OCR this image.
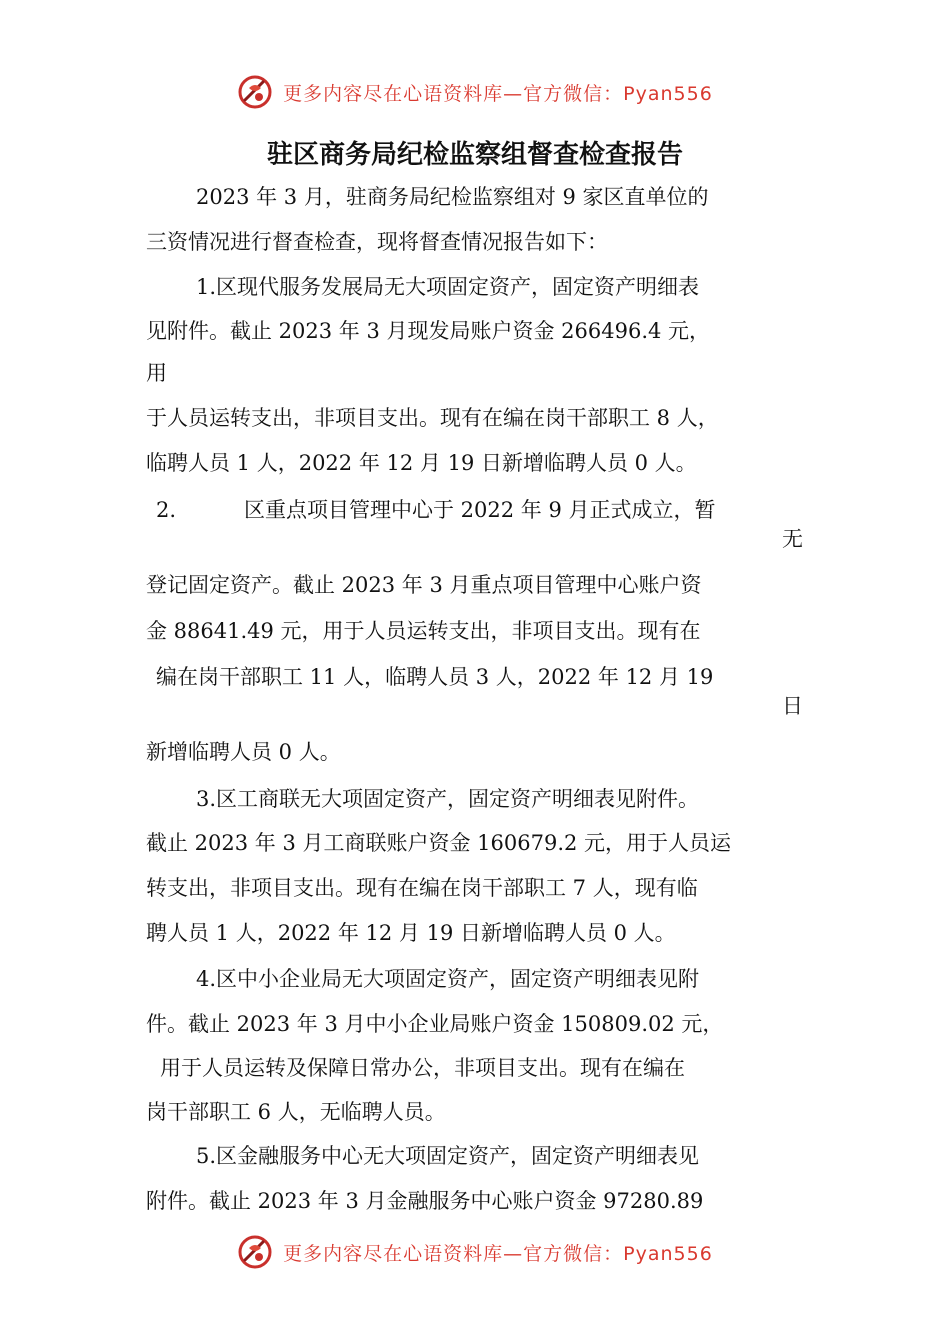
更多内容尽在心语资料库—官方微信：Pyan556
驻区商务局纪检监察组督查检查报告
2023 年 3 月，驻商务局纪检监察组对 9 家区直单位的
三资情况进行督查检查，现将督查情况报告如下：
1.区现代服务发展局无大项固定资产，固定资产明细表
见附件。截止 2023 年 3 月现发局账户资金 266496.4 元，
用
于人员运转支出，非项目支出。现有在编在岗干部职工 8 人，
临聘人员 1 人，2022 年 12 月 19 日新增临聘人员 0 人。
2.	区重点项目管理中心于 2022 年 9 月正式成立，暂
无
登记固定资产。截止 2023 年 3 月重点项目管理中心账户资
金 88641.49 元，用于人员运转支出，非项目支出。现有在
编在岗干部职工 11 人，临聘人员 3 人，2022 年 12 月 19
日
新增临聘人员 0 人。
3.区工商联无大项固定资产，固定资产明细表见附件。
截止 2023 年 3 月工商联账户资金 160679.2 元，用于人员运
转支出，非项目支出。现有在编在岗干部职工 7 人，现有临
聘人员 1 人，2022 年 12 月 19 日新增临聘人员 0 人。
4.区中小企业局无大项固定资产，固定资产明细表见附
件。截止 2023 年 3 月中小企业局账户资金 150809.02 元，
用于人员运转及保障日常办公，非项目支出。现有在编在
岗干部职工 6 人，无临聘人员。
5.区金融服务中心无大项固定资产，固定资产明细表见
附件。截止 2023 年 3 月金融服务中心账户资金 97280.89
更多内容尽在心语资料库—官方微信：Pyan556
